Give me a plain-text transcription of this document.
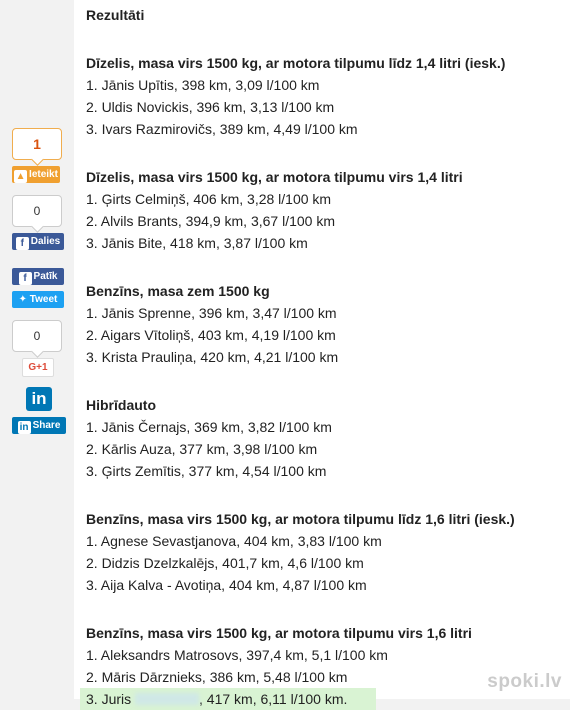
1
▲ Ieteikt
0
f Dalies
f Patīk
✦ Tweet
0
G+1
in
in Share
Rezultāti
Dīzelis, masa virs 1500 kg, ar motora tilpumu līdz 1,4 litri (iesk.)
1. Jānis Upītis, 398 km, 3,09 l/100 km
2. Uldis Novickis, 396 km, 3,13 l/100 km
3. Ivars Razmirovičs, 389 km, 4,49 l/100 km
Dīzelis, masa virs 1500 kg, ar motora tilpumu virs 1,4 litri
1. Ģirts Celmiņš, 406 km, 3,28 l/100 km
2. Alvils Brants, 394,9 km, 3,67 l/100 km
3. Jānis Bite, 418 km, 3,87 l/100 km
Benzīns, masa zem 1500 kg
1. Jānis Sprenne, 396 km, 3,47 l/100 km
2. Aigars Vītoliņš, 403 km, 4,19 l/100 km
3. Krista Prauliņa, 420 km, 4,21 l/100 km
Hibrīdauto
1. Jānis Černajs, 369 km, 3,82 l/100 km
2. Kārlis Auza, 377 km, 3,98 l/100 km
3. Ģirts Zemītis, 377 km, 4,54 l/100 km
Benzīns, masa virs 1500 kg, ar motora tilpumu līdz 1,6 litri (iesk.)
1. Agnese Sevastjanova, 404 km, 3,83 l/100 km
2. Didzis Dzelzkalējs, 401,7 km, 4,6 l/100 km
3. Aija Kalva - Avotiņa, 404 km, 4,87 l/100 km
Benzīns, masa virs 1500 kg, ar motora tilpumu virs 1,6 litri
1. Aleksandrs Matrosovs, 397,4 km, 5,1 l/100 km
2. Māris Dārznieks, 386 km, 5,48 l/100 km
3. Juris	, 417 km, 6,11 l/100 km.
spoki.lv
